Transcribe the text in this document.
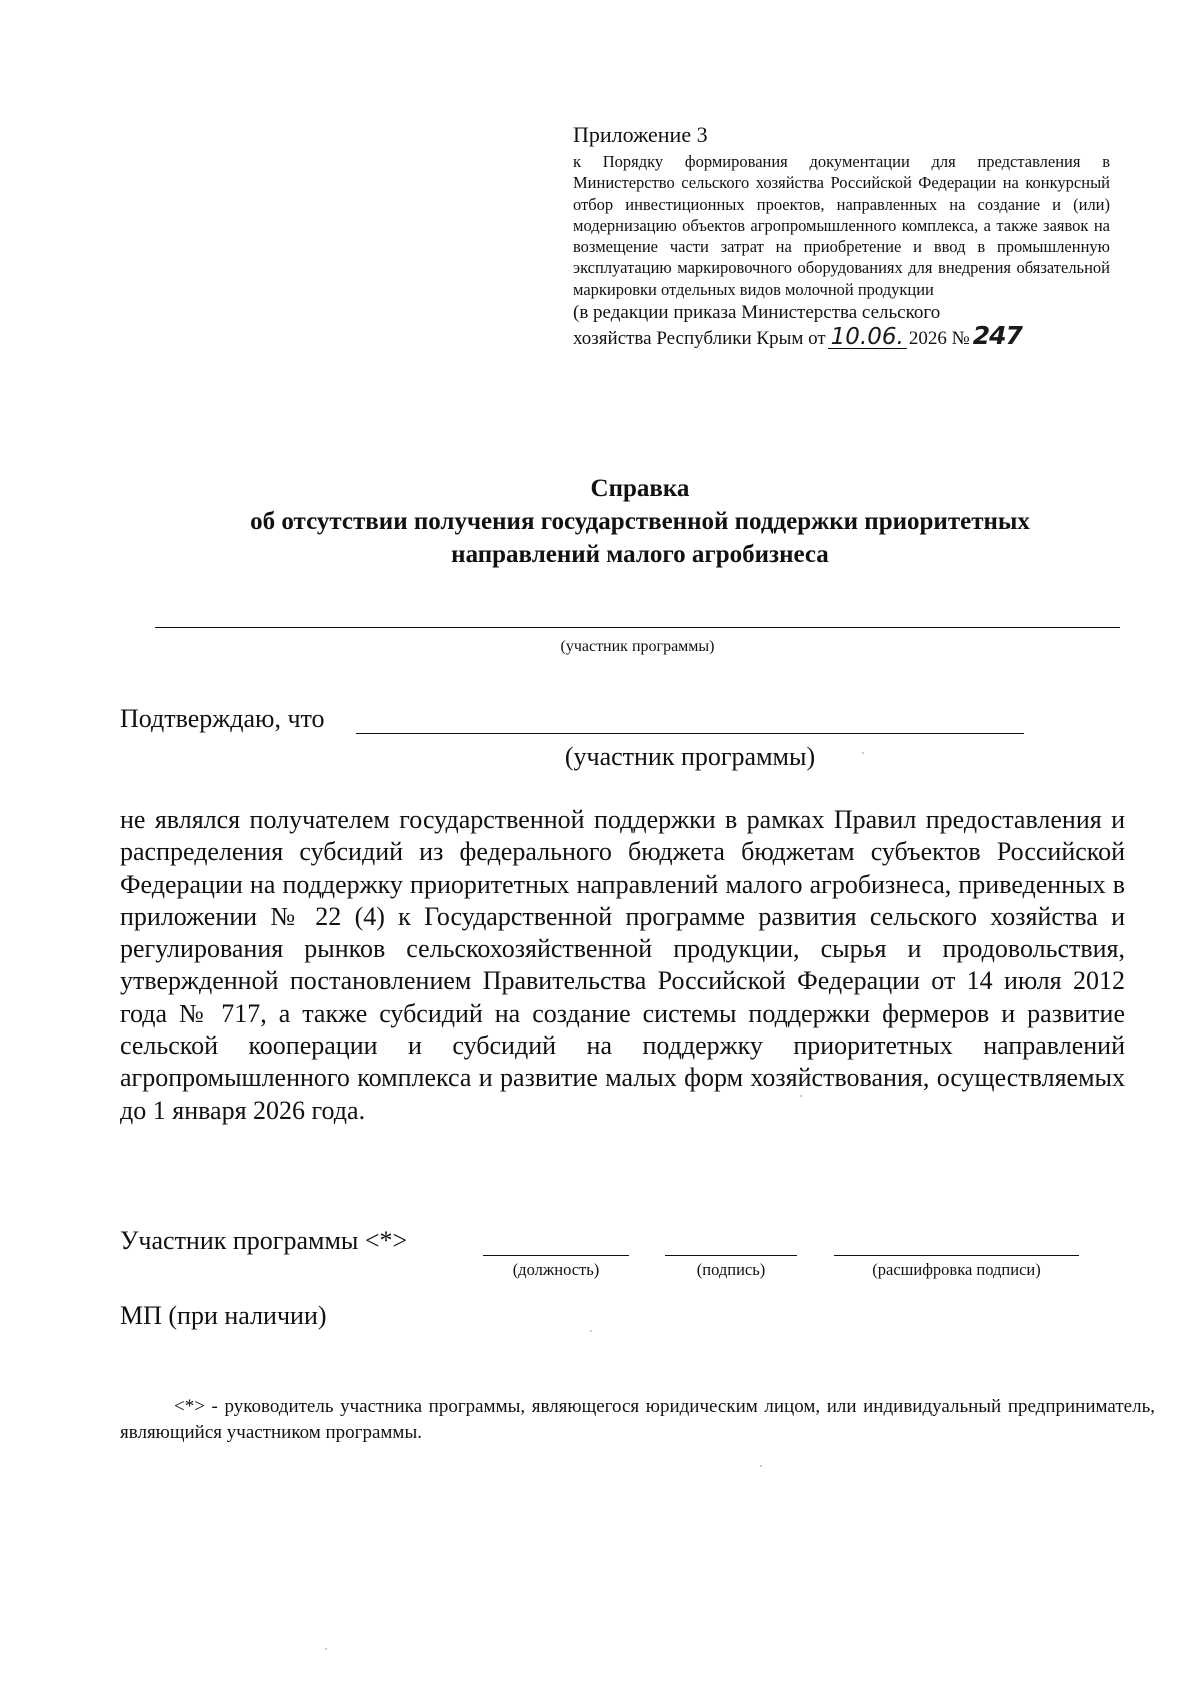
Приложение 3

к Порядку формирования документации для представления в Министерство сельского хозяйства Российской Федерации на конкурсный отбор инвестиционных проектов, направленных на создание и (или) модернизацию объектов агропромышленного комплекса, а также заявок на возмещение части затрат на приобретение и ввод в промышленную эксплуатацию маркировочного оборудованиях для внедрения обязательной маркировки отдельных видов молочной продукции

(в редакции приказа Министерства сельского
хозяйства Республики Крым от 10.06. 2026 № 247
Справка
об отсутствии получения государственной поддержки приоритетных
направлений малого агробизнеса
(участник программы)
Подтверждаю, что
(участник программы)

не являлся получателем государственной поддержки в рамках Правил предоставления и распределения субсидий из федерального бюджета бюджетам субъектов Российской Федерации на поддержку приоритетных направлений малого агробизнеса, приведенных в приложении № 22 (4) к Государственной программе развития сельского хозяйства и регулирования рынков сельскохозяйственной продукции, сырья и продовольствия, утвержденной постановлением Правительства Российской Федерации от 14 июля 2012 года № 717, а также субсидий на создание системы поддержки фермеров и развитие сельской кооперации и субсидий на поддержку приоритетных направлений агропромышленного комплекса и развитие малых форм хозяйствования, осуществляемых до 1 января 2026 года.

Участник программы <*>
(должность)	(подпись)	(расшифровка подписи)
МП (при наличии)

<*> - руководитель участника программы, являющегося юридическим лицом, или индивидуальный предприниматель, являющийся участником программы.
